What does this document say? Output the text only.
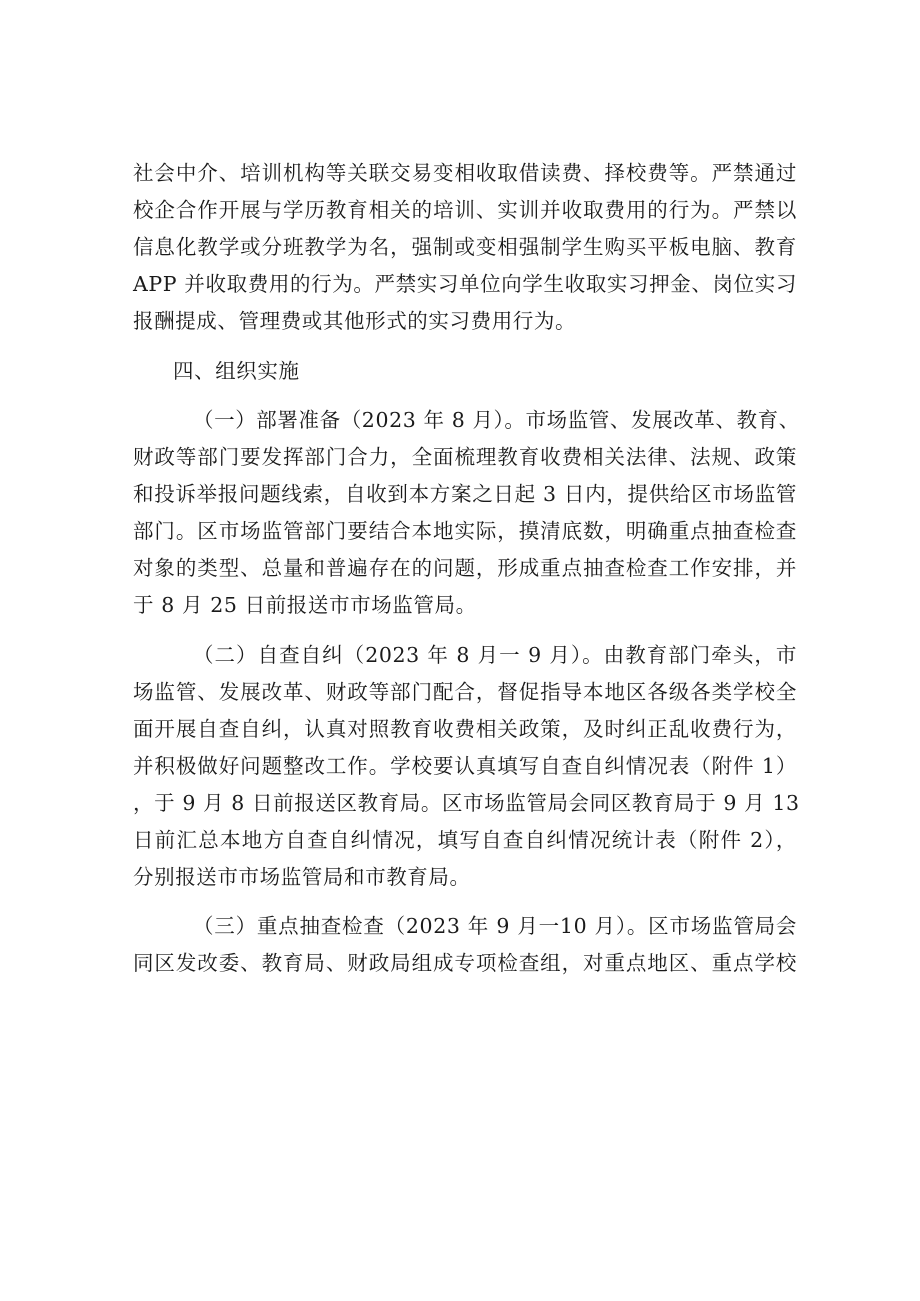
社会中介、培训机构等关联交易变相收取借读费、择校费等。严禁通过
校企合作开展与学历教育相关的培训、实训并收取费用的行为。严禁以
信息化教学或分班教学为名，强制或变相强制学生购买平板电脑、教育
APP 并收取费用的行为。严禁实习单位向学生收取实习押金、岗位实习
报酬提成、管理费或其他形式的实习费用行为。
四、组织实施
（一）部署准备（2023 年 8 月）。市场监管、发展改革、教育、
财政等部门要发挥部门合力，全面梳理教育收费相关法律、法规、政策
和投诉举报问题线索，自收到本方案之日起 3 日内，提供给区市场监管
部门。区市场监管部门要结合本地实际，摸清底数，明确重点抽查检查
对象的类型、总量和普遍存在的问题，形成重点抽查检查工作安排，并
于 8 月 25 日前报送市市场监管局。
（二）自查自纠（2023 年 8 月一 9 月）。由教育部门牵头，市
场监管、发展改革、财政等部门配合，督促指导本地区各级各类学校全
面开展自查自纠，认真对照教育收费相关政策，及时纠正乱收费行为，
并积极做好问题整改工作。学校要认真填写自查自纠情况表（附件 1）
，于 9 月 8 日前报送区教育局。区市场监管局会同区教育局于 9 月 13
日前汇总本地方自查自纠情况，填写自查自纠情况统计表（附件 2），
分别报送市市场监管局和市教育局。
（三）重点抽查检查（2023 年 9 月一10 月）。区市场监管局会
同区发改委、教育局、财政局组成专项检查组，对重点地区、重点学校
